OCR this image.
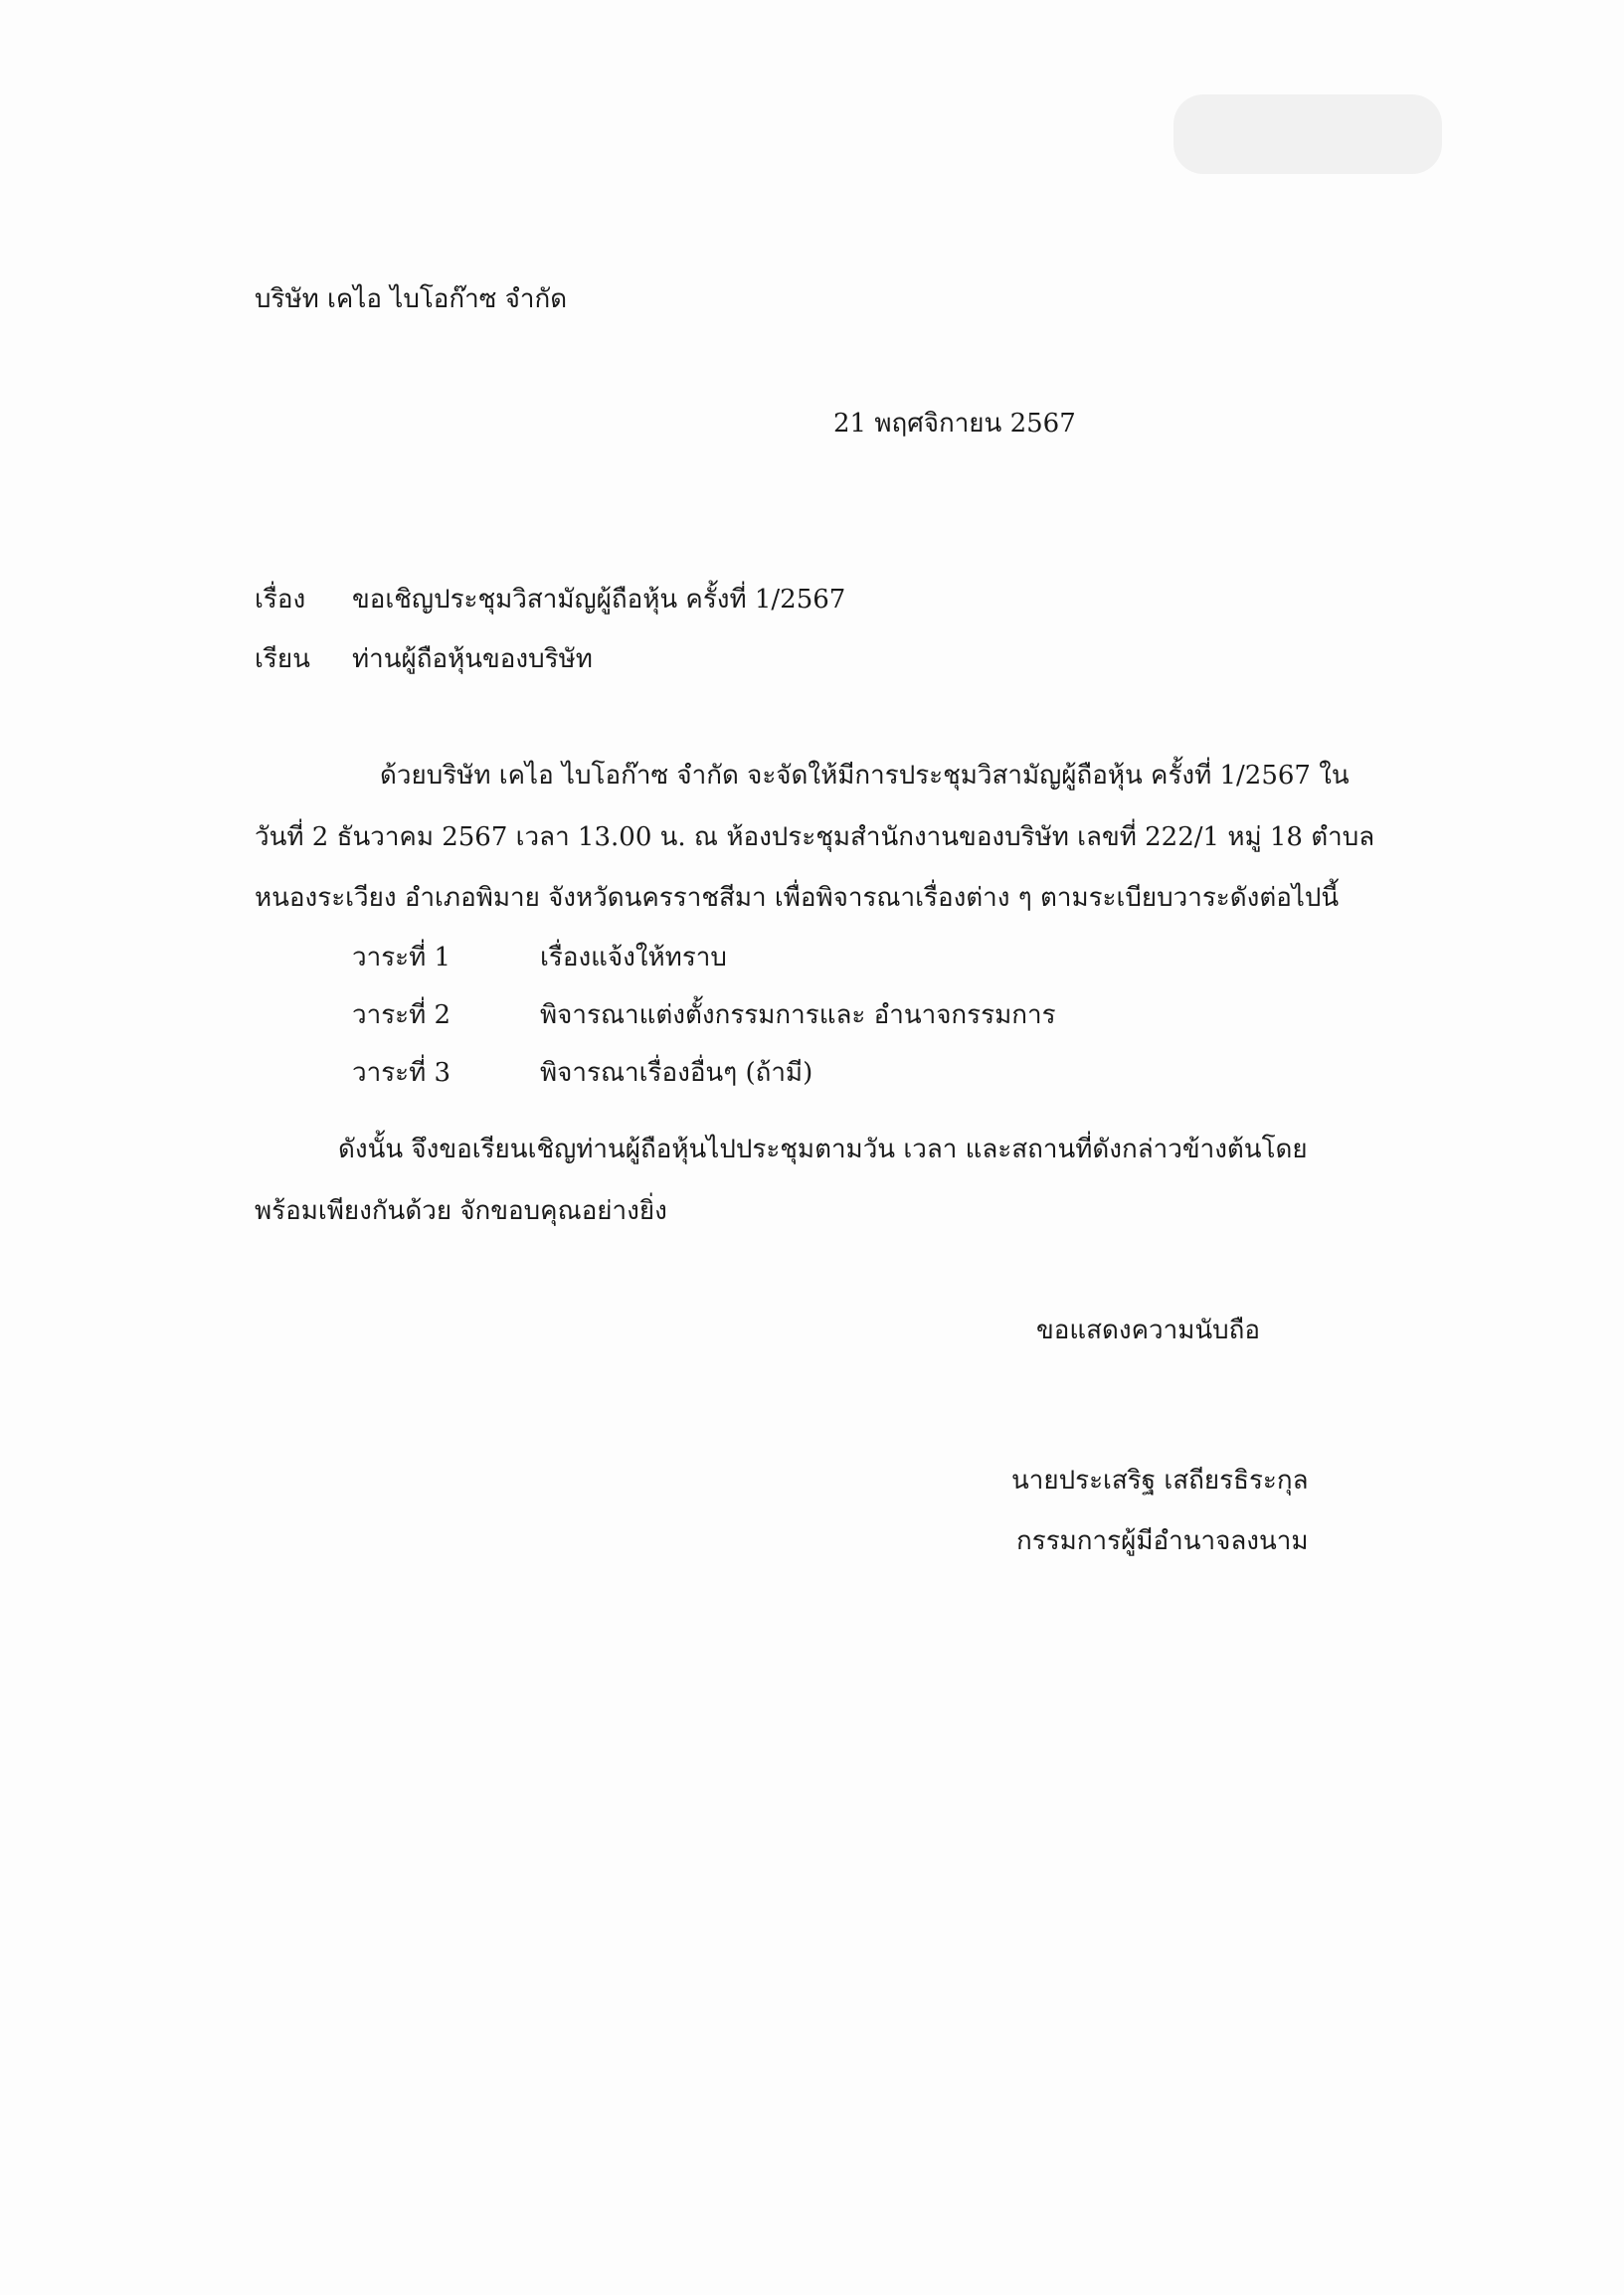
บริษัท เคไอ ไบโอก๊าซ จำกัด
21 พฤศจิกายน 2567
เรื่อง ขอเชิญประชุมวิสามัญผู้ถือหุ้น ครั้งที่ 1/2567
เรียน ท่านผู้ถือหุ้นของบริษัท
ด้วยบริษัท เคไอ ไบโอก๊าซ จำกัด จะจัดให้มีการประชุมวิสามัญผู้ถือหุ้น ครั้งที่ 1/2567 ใน
วันที่ 2 ธันวาคม 2567 เวลา 13.00 น. ณ ห้องประชุมสำนักงานของบริษัท เลขที่ 222/1 หมู่ 18 ตำบล
หนองระเวียง อำเภอพิมาย จังหวัดนครราชสีมา เพื่อพิจารณาเรื่องต่าง ๆ ตามระเบียบวาระดังต่อไปนี้
วาระที่ 1	เรื่องแจ้งให้ทราบ
วาระที่ 2	พิจารณาแต่งตั้งกรรมการและ อำนาจกรรมการ
วาระที่ 3	พิจารณาเรื่องอื่นๆ (ถ้ามี)
ดังนั้น จึงขอเรียนเชิญท่านผู้ถือหุ้นไปประชุมตามวัน เวลา และสถานที่ดังกล่าวข้างต้นโดย
พร้อมเพียงกันด้วย จักขอบคุณอย่างยิ่ง
ขอแสดงความนับถือ
นายประเสริฐ เสถียรธิระกุล
กรรมการผู้มีอำนาจลงนาม
